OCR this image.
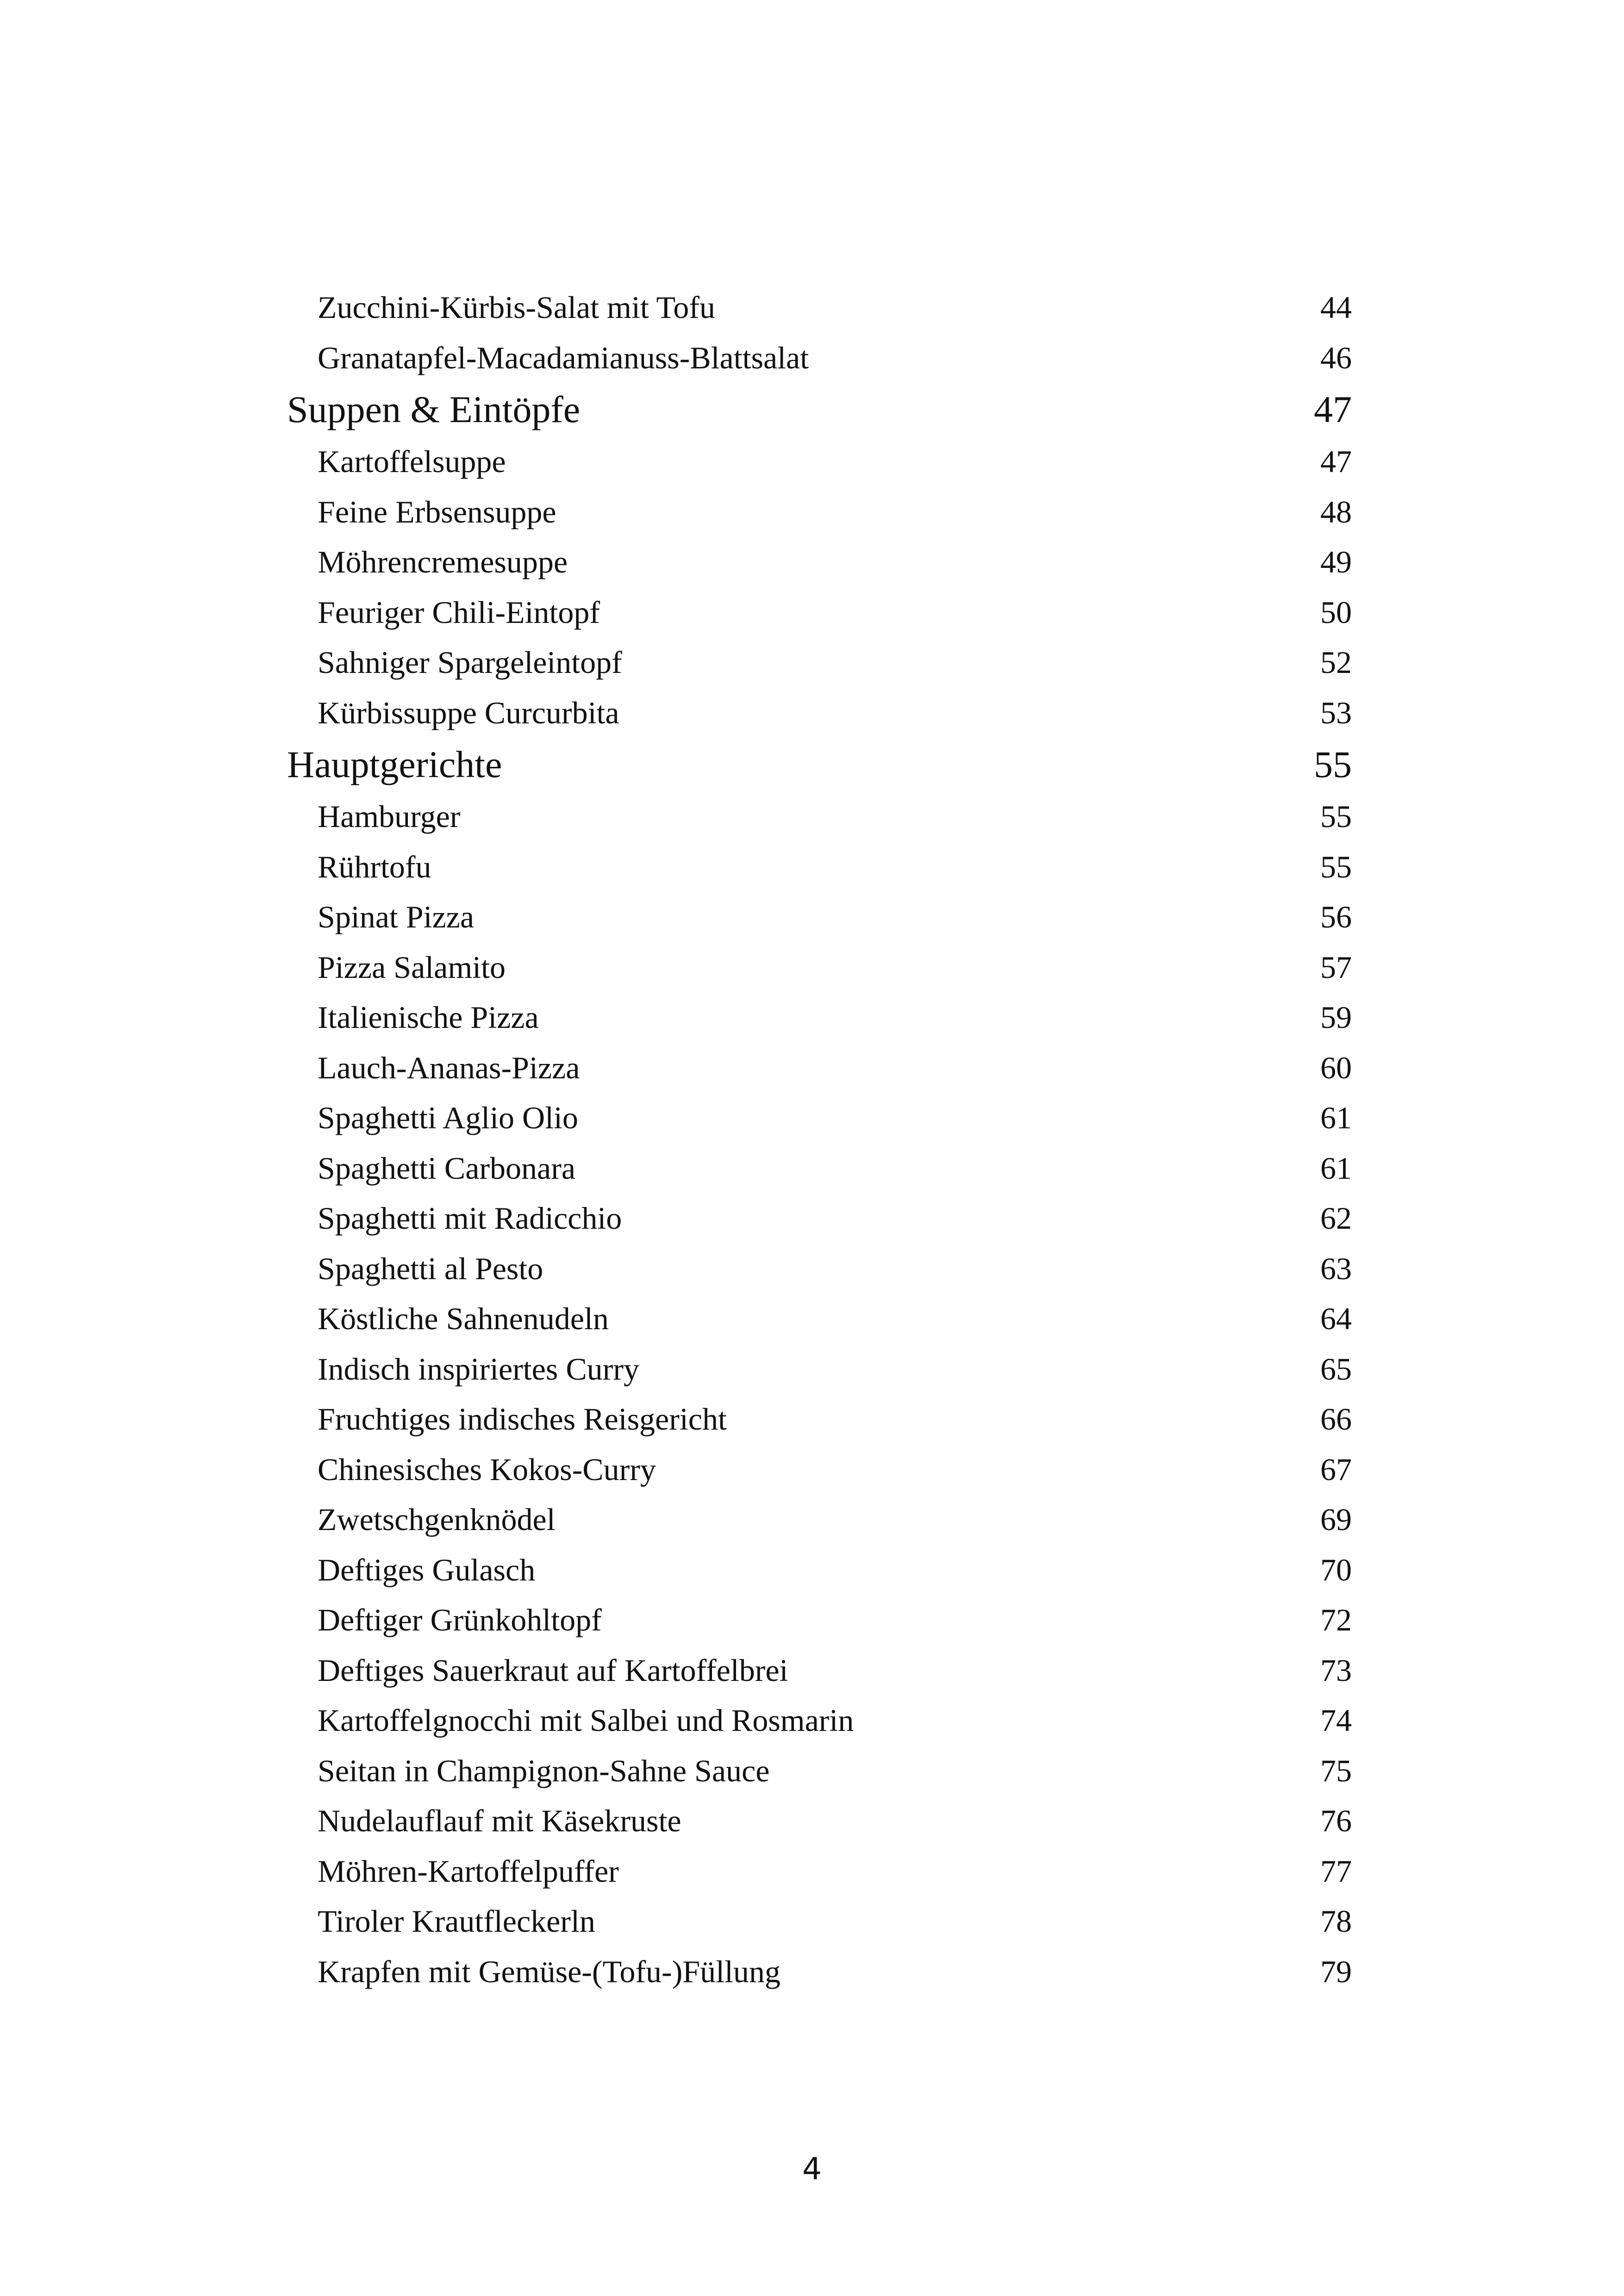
Zucchini-Kürbis-Salat mit Tofu	44
Granatapfel-Macadamianuss-Blattsalat	46
Suppen & Eintöpfe	47
Kartoffelsuppe	47
Feine Erbsensuppe	48
Möhrencremesuppe	49
Feuriger Chili-Eintopf	50
Sahniger Spargeleintopf	52
Kürbissuppe Curcurbita	53
Hauptgerichte	55
Hamburger	55
Rührtofu	55
Spinat Pizza	56
Pizza Salamito	57
Italienische Pizza	59
Lauch-Ananas-Pizza	60
Spaghetti Aglio Olio	61
Spaghetti Carbonara	61
Spaghetti mit Radicchio	62
Spaghetti al Pesto	63
Köstliche Sahnenudeln	64
Indisch inspiriertes Curry	65
Fruchtiges indisches Reisgericht	66
Chinesisches Kokos-Curry	67
Zwetschgenknödel	69
Deftiges Gulasch	70
Deftiger Grünkohltopf	72
Deftiges Sauerkraut auf Kartoffelbrei	73
Kartoffelgnocchi mit Salbei und Rosmarin	74
Seitan in Champignon-Sahne Sauce	75
Nudelauflauf mit Käsekruste	76
Möhren-Kartoffelpuffer	77
Tiroler Krautfleckerln	78
Krapfen mit Gemüse-(Tofu-)Füllung	79
4
